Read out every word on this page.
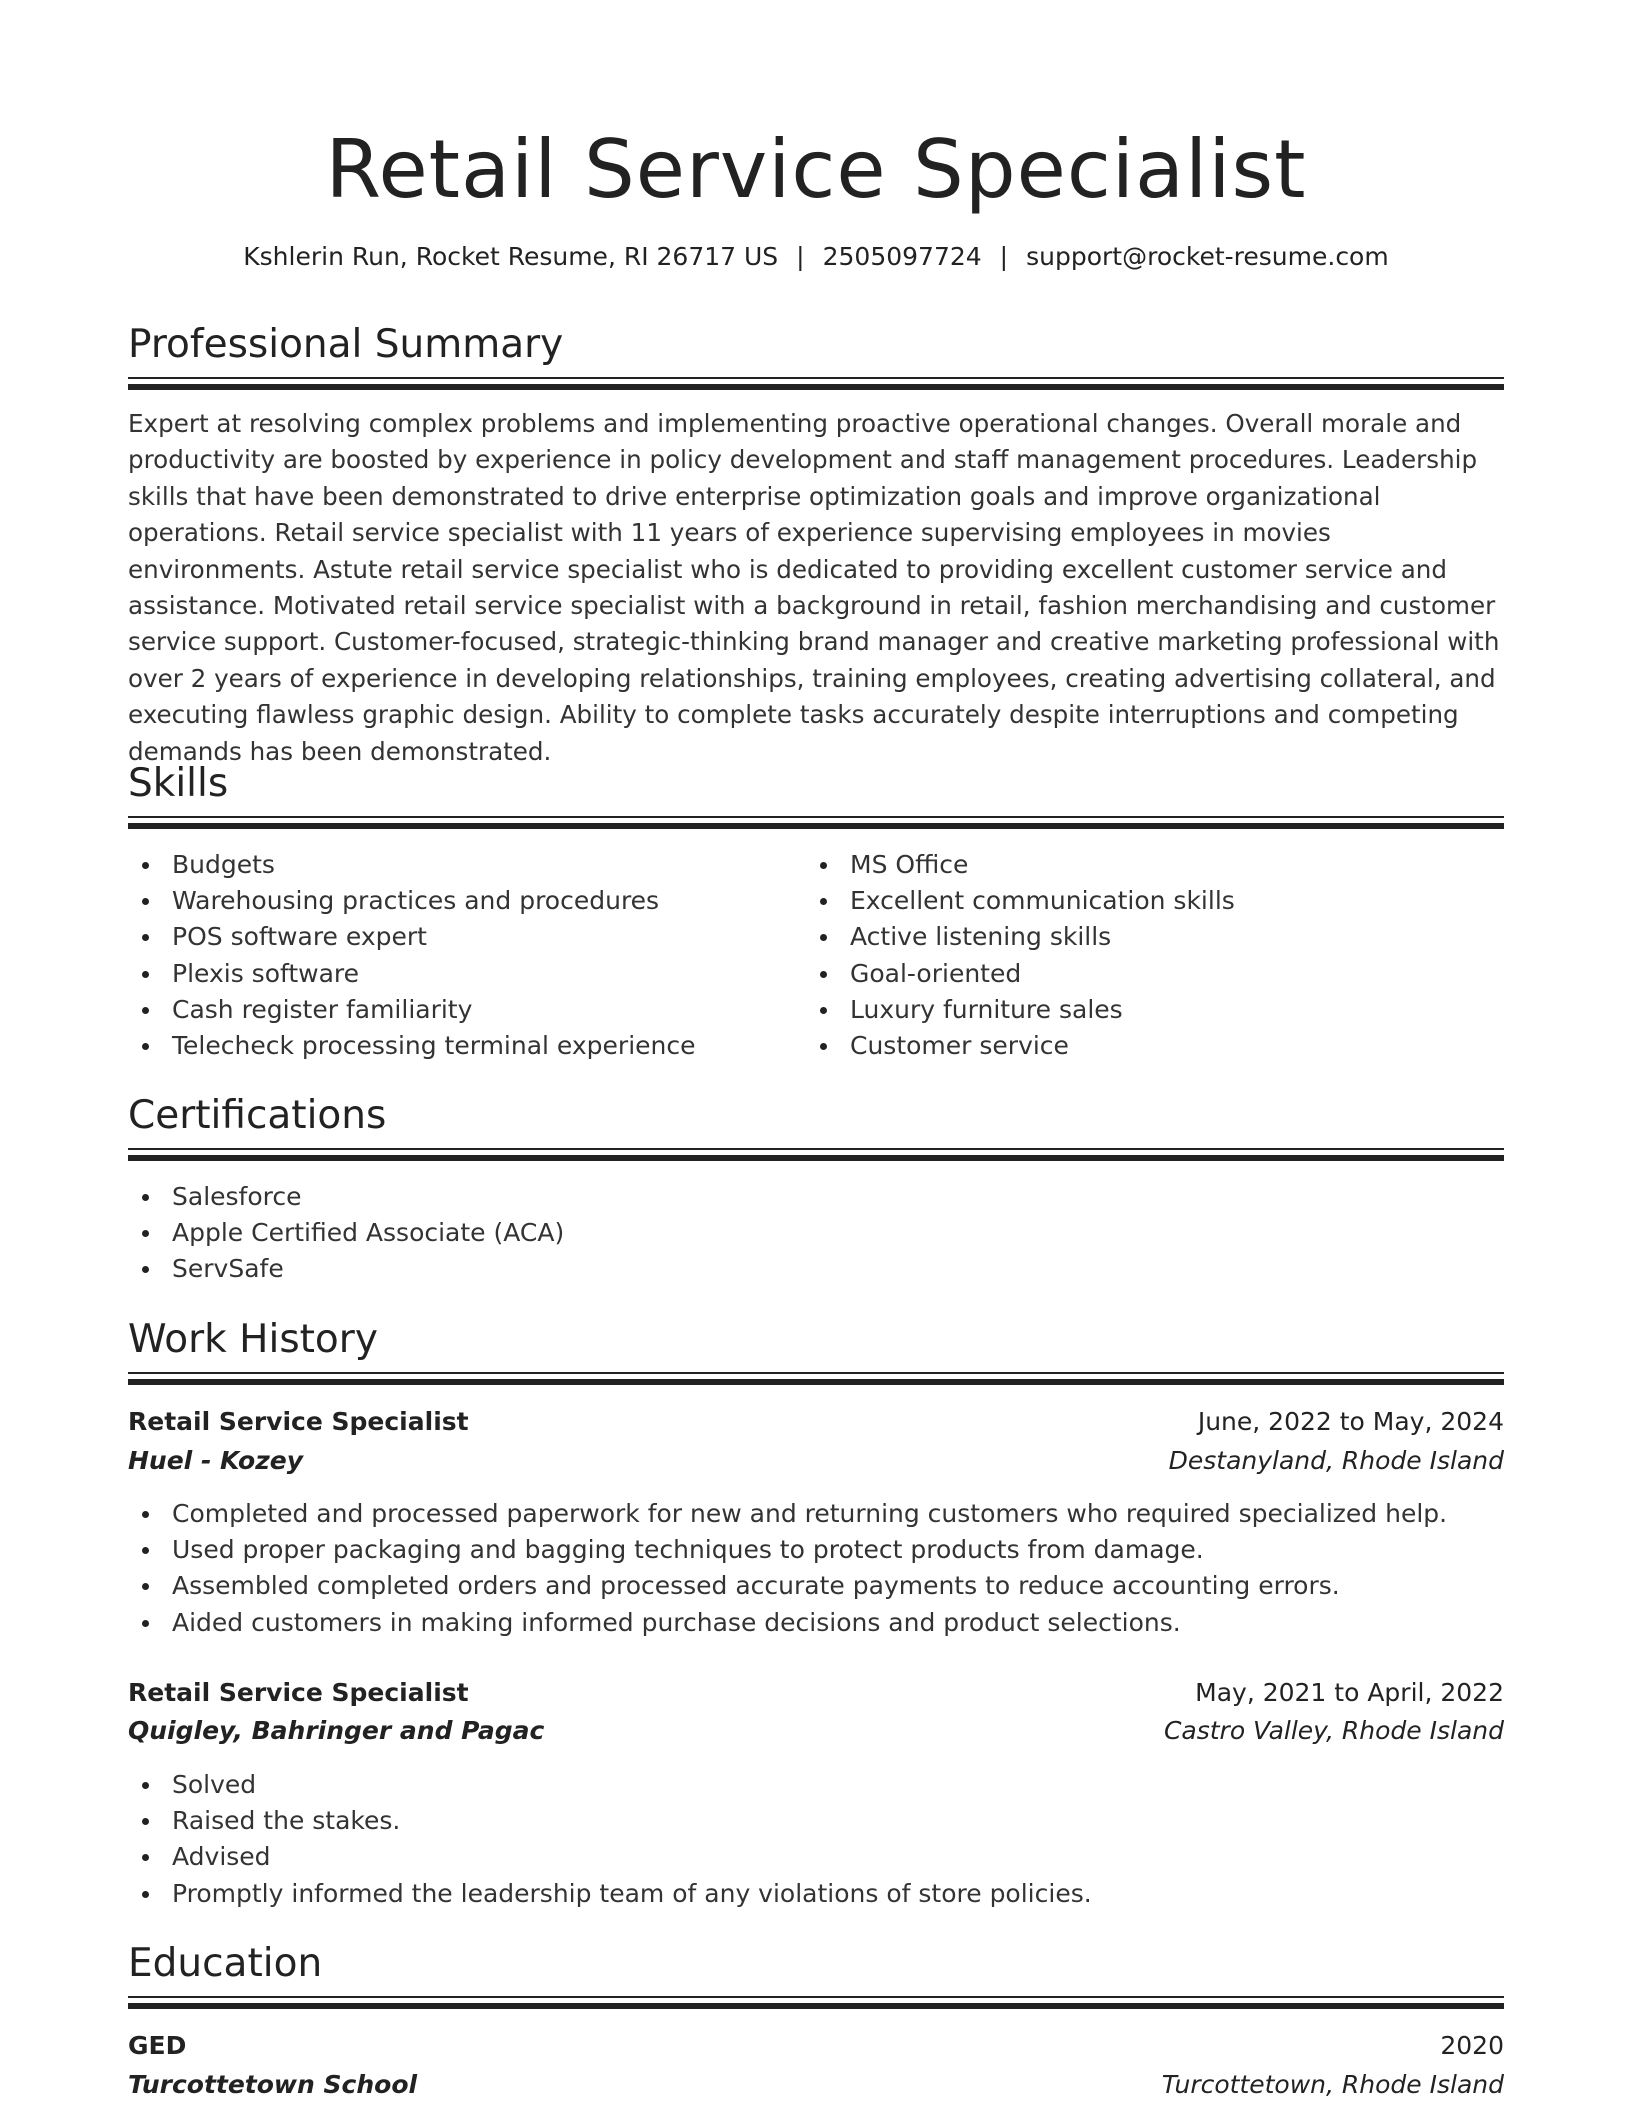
Retail Service Specialist
Kshlerin Run, Rocket Resume, RI 26717 US | 2505097724 | support@rocket-resume.com
Professional Summary
Expert at resolving complex problems and implementing proactive operational changes. Overall morale and productivity are boosted by experience in policy development and staff management procedures. Leadership skills that have been demonstrated to drive enterprise optimization goals and improve organizational operations. Retail service specialist with 11 years of experience supervising employees in movies environments. Astute retail service specialist who is dedicated to providing excellent customer service and assistance. Motivated retail service specialist with a background in retail, fashion merchandising and customer service support. Customer-focused, strategic-thinking brand manager and creative marketing professional with over 2 years of experience in developing relationships, training employees, creating advertising collateral, and executing flawless graphic design. Ability to complete tasks accurately despite interruptions and competing demands has been demonstrated.
Skills
Budgets
Warehousing practices and procedures
POS software expert
Plexis software
Cash register familiarity
Telecheck processing terminal experience
MS Office
Excellent communication skills
Active listening skills
Goal-oriented
Luxury furniture sales
Customer service
Certifications
Salesforce
Apple Certified Associate (ACA)
ServSafe
Work History
Retail Service Specialist	June, 2022 to May, 2024
Huel - Kozey	Destanyland, Rhode Island
Completed and processed paperwork for new and returning customers who required specialized help.
Used proper packaging and bagging techniques to protect products from damage.
Assembled completed orders and processed accurate payments to reduce accounting errors.
Aided customers in making informed purchase decisions and product selections.
Retail Service Specialist	May, 2021 to April, 2022
Quigley, Bahringer and Pagac	Castro Valley, Rhode Island
Solved
Raised the stakes.
Advised
Promptly informed the leadership team of any violations of store policies.
Education
GED	2020
Turcottetown School	Turcottetown, Rhode Island
